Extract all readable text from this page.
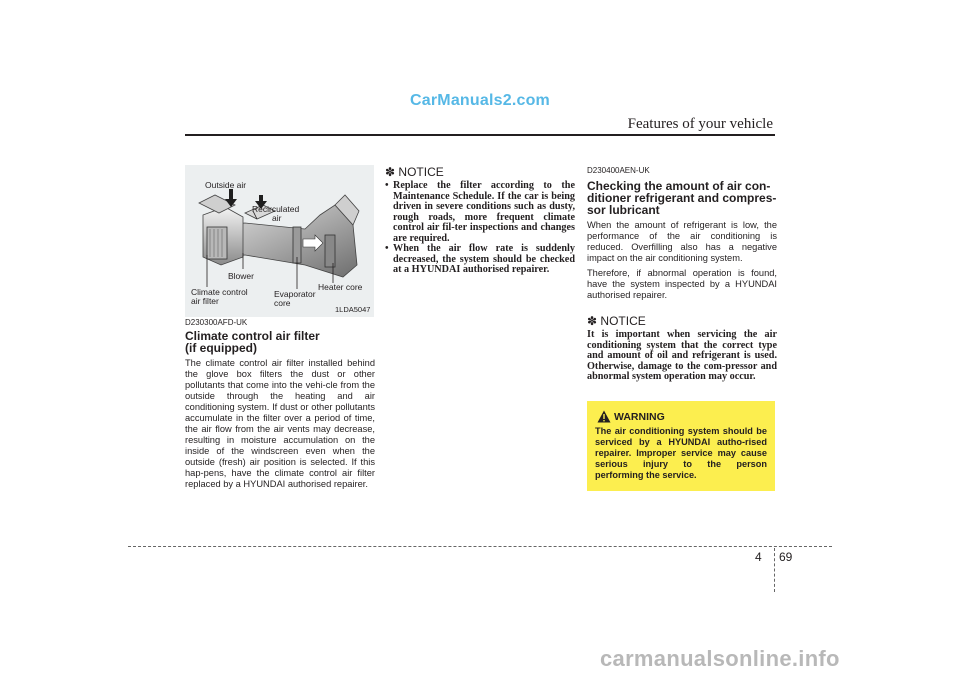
CarManuals2.com
Features of your vehicle
Outside air
Recirculated
air
Blower
Climate control
air filter
Evaporator
core
Heater core
1LDA5047
D230300AFD-UK
Climate control air filter
(if equipped)
The climate control air filter installed behind the glove box filters the dust or other pollutants that come into the vehi-cle from the outside through the heating and air conditioning system. If dust or other pollutants accumulate in the filter over a period of time, the air flow from the air vents may decrease, resulting in moisture accumulation on the inside of the windscreen even when the outside (fresh) air position is selected. If this hap-pens, have the climate control air filter replaced by a HYUNDAI authorised repairer.
✽ NOTICE
• Replace the filter according to the Maintenance Schedule. If the car is being driven in severe conditions such as dusty, rough roads, more frequent climate control air fil-ter inspections and changes are required.
• When the air flow rate is suddenly decreased, the system should be checked at a HYUNDAI authorised repairer.
D230400AEN-UK
Checking the amount of air con-ditioner refrigerant and compres-sor lubricant
When the amount of refrigerant is low, the performance of the air conditioning is reduced. Overfilling also has a negative impact on the air conditioning system.
Therefore, if abnormal operation is found, have the system inspected by a HYUNDAI authorised repairer.
✽ NOTICE
It is important when servicing the air conditioning system that the correct type and amount of oil and refrigerant is used. Otherwise, damage to the com-pressor and abnormal system operation may occur.
WARNING
The air conditioning system should be serviced by a HYUNDAI autho-rised repairer. Improper service may cause serious injury to the person performing the service.
4 69
carmanualsonline.info
